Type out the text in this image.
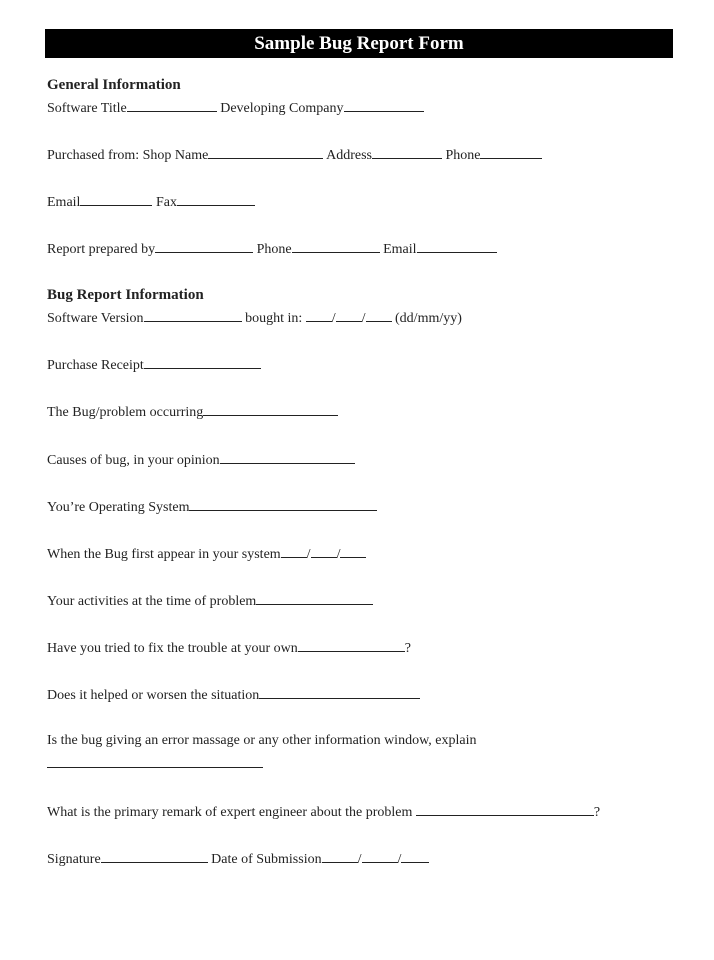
Sample Bug Report Form
General Information
Software Title	Developing Company
Purchased from: Shop Name	Address	Phone
Email	Fax
Report prepared by	Phone	Email
Bug Report Information
Software Version	bought in: / / (dd/mm/yy)
Purchase Receipt
The Bug/problem occurring
Causes of bug, in your opinion
You’re Operating System
When the Bug first appear in your system / /
Your activities at the time of problem
Have you tried to fix the trouble at your own	?
Does it helped or worsen the situation
Is the bug giving an error massage or any other information window, explain
What is the primary remark of expert engineer about the problem	?
Signature	Date of Submission	/	/
